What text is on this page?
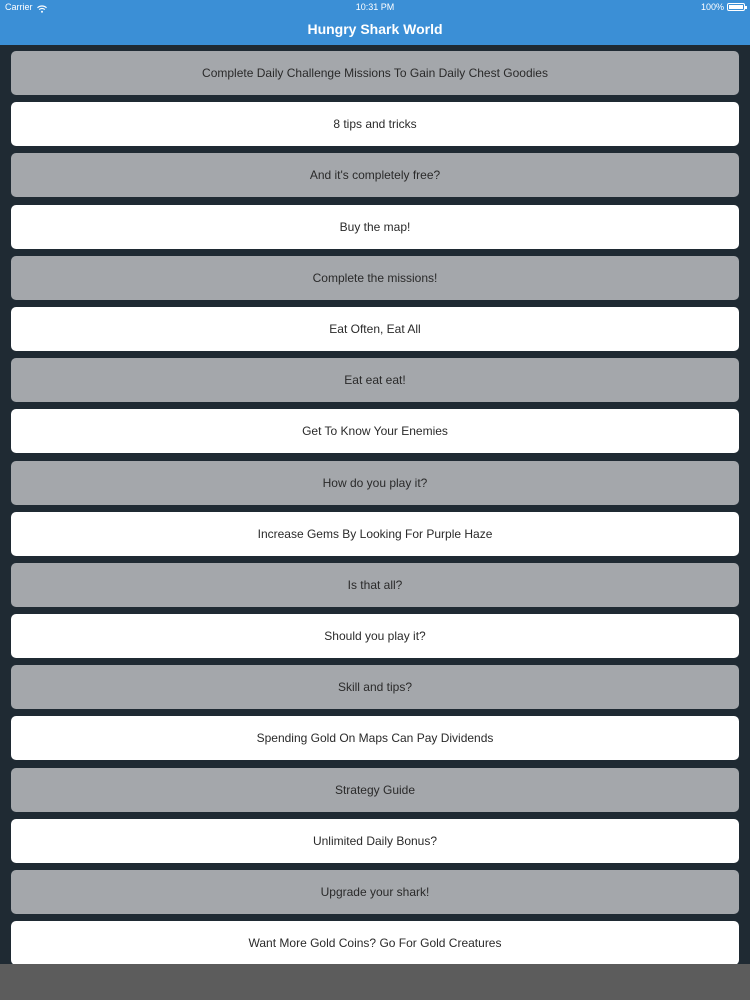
Carrier	10:31 PM	100%
Hungry Shark World
Complete Daily Challenge Missions To Gain Daily Chest Goodies
8 tips and tricks
And it's completely free?
Buy the map!
Complete the missions!
Eat Often, Eat All
Eat eat eat!
Get To Know Your Enemies
How do you play it?
Increase Gems By Looking For Purple Haze
Is that all?
Should you play it?
Skill and tips?
Spending Gold On Maps Can Pay Dividends
Strategy Guide
Unlimited Daily Bonus?
Upgrade your shark!
Want More Gold Coins? Go For Gold Creatures
